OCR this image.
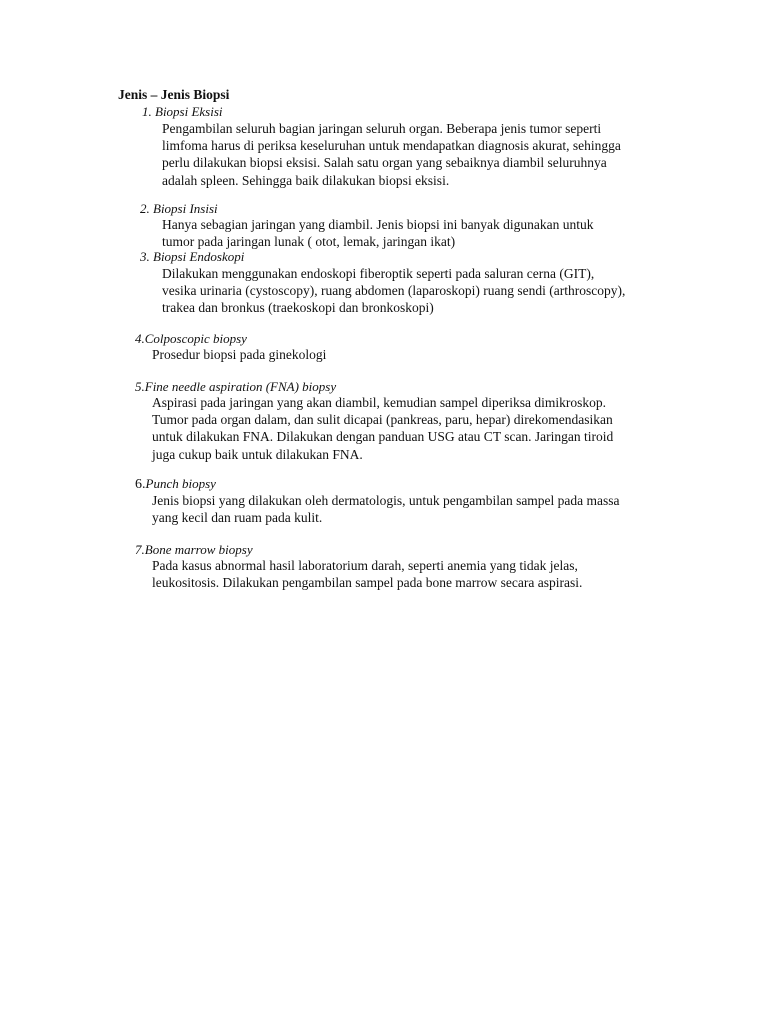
Jenis – Jenis Biopsi
1. Biopsi Eksisi
Pengambilan seluruh bagian jaringan seluruh organ. Beberapa jenis tumor seperti
limfoma harus di periksa keseluruhan untuk mendapatkan diagnosis akurat, sehingga
perlu dilakukan biopsi eksisi. Salah satu organ yang sebaiknya diambil seluruhnya
adalah spleen. Sehingga baik dilakukan biopsi eksisi.
2. Biopsi Insisi
Hanya sebagian jaringan yang diambil. Jenis biopsi ini banyak digunakan untuk
tumor pada jaringan lunak ( otot, lemak, jaringan ikat)
3. Biopsi Endoskopi
Dilakukan menggunakan endoskopi fiberoptik seperti pada saluran cerna (GIT),
vesika urinaria (cystoscopy), ruang abdomen (laparoskopi) ruang sendi (arthroscopy),
trakea dan bronkus (traekoskopi dan bronkoskopi)
4.Colposcopic biopsy
Prosedur biopsi pada ginekologi
5.Fine needle aspiration (FNA) biopsy
Aspirasi pada jaringan yang akan diambil, kemudian sampel diperiksa dimikroskop.
Tumor pada organ dalam, dan sulit dicapai (pankreas, paru, hepar) direkomendasikan
untuk dilakukan FNA. Dilakukan dengan panduan USG atau CT scan. Jaringan tiroid
juga cukup baik untuk dilakukan FNA.
6.Punch biopsy
Jenis biopsi yang dilakukan oleh dermatologis, untuk pengambilan sampel pada massa
yang kecil dan ruam pada kulit.
7.Bone marrow biopsy
Pada kasus abnormal hasil laboratorium darah, seperti anemia yang tidak jelas,
leukositosis. Dilakukan pengambilan sampel pada bone marrow secara aspirasi.
